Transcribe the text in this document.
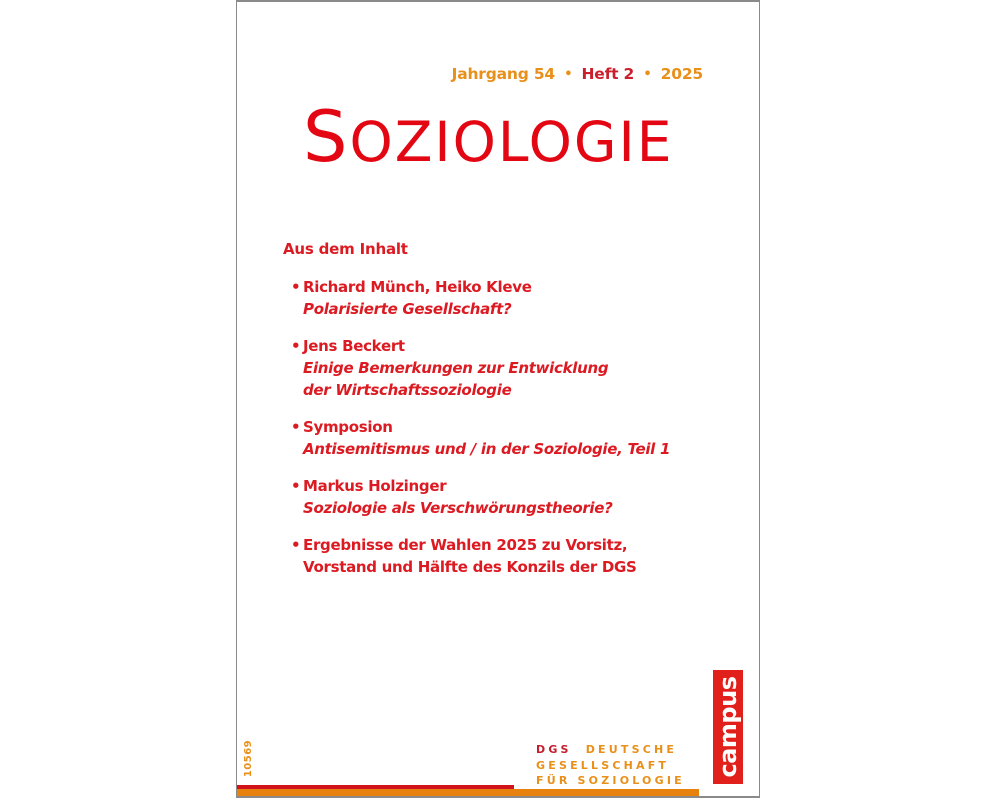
Jahrgang 54 • Heft 2 • 2025
SOZIOLOGIE
Aus dem Inhalt
• Richard Münch, Heiko Kleve
Polarisierte Gesellschaft?
• Jens Beckert
Einige Bemerkungen zur Entwicklung
der Wirtschaftssoziologie
• Symposion
Antisemitismus und / in der Soziologie, Teil 1
• Markus Holzinger
Soziologie als Verschwörungstheorie?
• Ergebnisse der Wahlen 2025 zu Vorsitz,
Vorstand und Hälfte des Konzils der DGS
10569	DGS DEUTSCHE
GESELLSCHAFT
FÜR SOZIOLOGIE
campus
